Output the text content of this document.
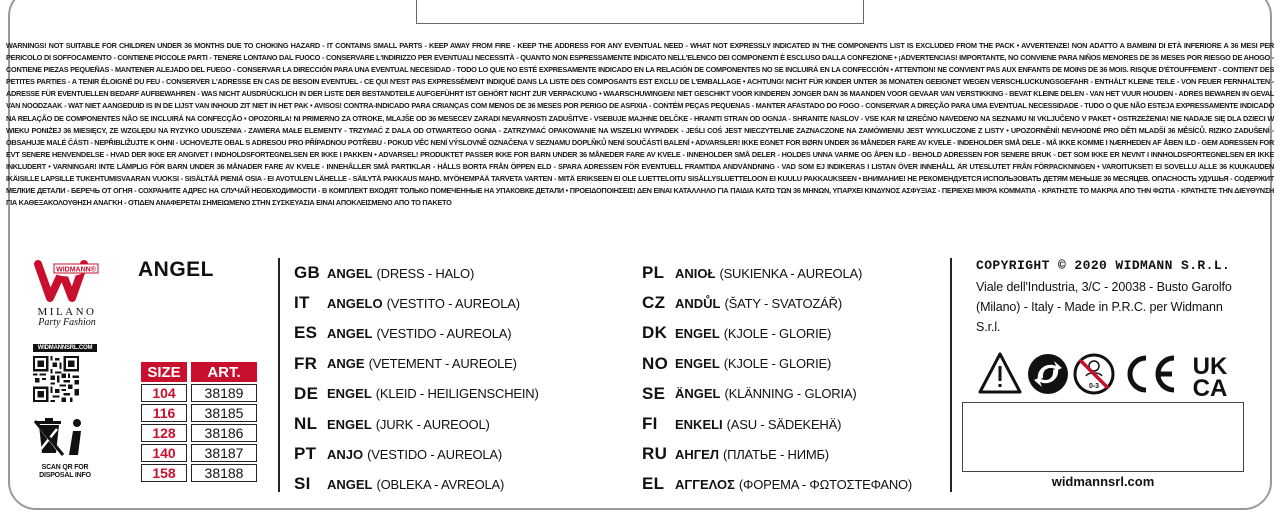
WARNINGS! NOT SUITABLE FOR CHILDREN UNDER 36 MONTHS DUE TO CHOKING HAZARD - IT CONTAINS SMALL PARTS - KEEP AWAY FROM FIRE - KEEP THE ADDRESS FOR ANY EVENTUAL NEED - WHAT NOT EXPRESSLY INDICATED IN THE COMPONENTS LIST IS EXCLUDED FROM THE PACK • AVVERTENZE! NON ADATTO A BAMBINI DI ETÀ INFERIORE A 36 MESI PER PERICOLO DI SOFFOCAMENTO - CONTIENE PICCOLE PARTI - TENERE LONTANO DAL FUOCO - CONSERVARE L'INDIRIZZO PER EVENTUALI NECESSITÀ - QUANTO NON ESPRESSAMENTE INDICATO NELL'ELENCO DEI COMPONENTI È ESCLUSO DALLA CONFEZIONE • ¡ADVERTENCIAS! IMPORTANTE, NO CONVIENE PARA NIÑOS MENORES DE 36 MESES POR RIESGO DE AHOGO - CONTIENE PIEZAS PEQUEÑAS - MANTENER ALEJADO DEL FUEGO - CONSERVAR LA DIRECCIÓN PARA UNA EVENTUAL NECESIDAD - TODO LO QUE NO ESTÉ EXPRESAMENTE INDICADO EN LA RELACIÓN DE COMPONENTES NO SE INCLUIRÁ EN LA CONFECCIÓN • ATTENTION! NE CONVIENT PAS AUX ENFANTS DE MOINS DE 36 MOIS. RISQUE D'ÉTOUFFEMENT - CONTIENT DES PETITES PARTIES - A TENIR ÉLOIGNÉ DU FEU - CONSERVER L'ADRESSE EN CAS DE BESOIN EVENTUEL - CE QUI N'EST PAS EXPRESSÉMENT INDIQUÉ DANS LA LISTE DES COMPOSANTS EST EXCLU DE L'EMBALLAGE • ACHTUNG! NICHT FÜR KINDER UNTER 36 MONATEN GEEIGNET WEGEN VERSCHLUCKUNGSGEFAHR - ENTHÄLT KLEINE TEILE - VON FEUER FERNHALTEN - ADRESSE FÜR EVENTUELLEN BEDARF AUFBEWAHREN - WAS NICHT AUSDRÜCKLICH IN DER LISTE DER BESTANDTEILE AUFGEFÜHRT IST GEHÖRT NICHT ZUR VERPACKUNG • WAARSCHUWINGEN! NIET GESCHIKT VOOR KINDEREN JONGER DAN 36 MAANDEN VOOR GEVAAR VAN VERSTIKKING - BEVAT KLEINE DELEN - VAN HET VUUR HOUDEN - ADRES BEWAREN IN GEVAL VAN NOODZAAK - WAT NIET AANGEDUID IS IN DE LIJST VAN INHOUD ZIT NIET IN HET PAK • AVISOS! CONTRA-INDICADO PARA CRIANÇAS COM MENOS DE 36 MESES POR PERIGO DE ASFIXIA - CONTÉM PEÇAS PEQUENAS - MANTER AFASTADO DO FOGO - CONSERVAR A DIREÇÃO PARA UMA EVENTUAL NECESSIDADE - TUDO O QUE NÃO ESTEJA EXPRESSAMENTE INDICADO NA RELAÇÃO DE COMPONENTES NÃO SE INCLUIRÁ NA CONFECÇÃO • OPOZORILA! NI PRIMERNO ZA OTROKE, MLAJŠE OD 36 MESECEV ZARADI NEVARNOSTI ZADUŠITVE - VSEBUJE MAJHNE DELČKE - HRANITI STRAN OD OGNJA - SHRANITE NASLOV - VSE KAR NI IZREČNO NAVEDENO NA SEZNAMU NI VKLJUČENO V PAKET • OSTRZEŻENIA! NIE NADAJE SIĘ DLA DZIECI W WIEKU PONIŻEJ 36 MIESIĘCY, ZE WZGLĘDU NA RYZYKO UDUSZENIA - ZAWIERA MAŁE ELEMENTY - TRZYMAĆ Z DALA OD OTWARTEGO OGNIA - ZATRZYMAĆ OPAKOWANIE NA WSZELKI WYPADEK - JEŚLI COŚ JEST NIECZYTELNIE ZAZNACZONE NA ZAMÓWIENIU JEST WYKLUCZONE Z LISTY • UPOZORNĚNÍ! NEVHODNÉ PRO DĚTI MLADŠÍ 36 MĚSÍCŮ. RIZIKO ZADUŠENÍ - OBSAHUJE MALÉ ČÁSTI - NEPŘIBLIŽUJTE K OHNI - UCHOVEJTE OBAL S ADRESOU PRO PŘÍPADNOU POTŘEBU - POKUD VĚC NENÍ VÝSLOVNĚ OZNAČENA V SEZNAMU DOPLŇKŮ NENÍ SOUČÁSTÍ BALENÍ • ADVARSLER! IKKE EGNET FOR BØRN UNDER 36 MÅNEDER FARE AV KVELE - INDEHOLDER SMÅ DELE - MÅ IKKE KOMME I NÆRHEDEN AF ÅBEN ILD - GEM ADRESSEN FOR EVT SENERE HENVENDELSE - HVAD DER IKKE ER ANGIVET I INDHOLDSFORTEGNELSEN ER IKKE I PAKKEN • ADVARSEL! PRODUKTET PASSER IKKE FOR BARN UNDER 36 MÅNEDER FARE AV KVELE - INNEHOLDER SMÅ DELER - HOLDES UNNA VARME OG ÅPEN ILD - BEHOLD ADRESSEN FOR SENERE BRUK - DET SOM IKKE ER NEVNT I INNHOLDSFORTEGNELSEN ER IKKE INKLUDERT • VARNINGAR! INTE LÄMPLIG FÖR BARN UNDER 36 MÅNADER FARE AV KVELE - INNEHÅLLER SMÅ PARTIKLAR - HÅLLS BORTA FRÅN ÖPPEN ELD - SPARA ADRESSEN FÖR EVENTUELL FRAMTIDA ANDVÄNDNING - VAD SOM EJ INDIKERAS I LISTAN ÖVER INNEHÅLL ÄR UTESLUTET FRÅN FÖRPACKNINGEN • VAROITUKSET! EI SOVELLU ALLE 36 KUUKAUDEN IKÄISILLE LAPSILLE TUKEHTUMISVAARAN VUOKSI - SISÄLTÄÄ PIENIÄ OSIA - EI AVOTULEN LÄHELLE - SÄILYTÄ PAKKAUS MAHD. MYÖHEMPÄÄ TARVETA VARTEN - MITÄ ERIKSEEN EI OLE LUETTELOITU SISÄLLYSLUETTELOON EI KUULU PAKKAUKSEEN • ВНИМАНИЕ! НЕ РЕКОМЕНДУЕТСЯ ИСПОЛЬЗОВАТЬ ДЕТЯМ МЕНЬШЕ 36 МЕСЯЦЕВ. ОПАСНОСТЬ УДУШЬЯ - СОДЕРЖИТ МЕЛКИЕ ДЕТАЛИ - БЕРЕЧЬ ОТ ОГНЯ - СОХРАНИТЕ АДРЕС НА СЛУЧАЙ НЕОБХОДИМОСТИ - В КОМПЛЕКТ ВХОДЯТ ТОЛЬКО ПОМЕЧЕННЫЕ НА УПАКОВКЕ ДЕТАЛИ • ΠΡΟΕΙΔΟΠΟΙΗΣΕΙΣ! ΔΕΝ ΕΙΝΑΙ ΚΑΤΑΛΛΗΛΟ ΓΙΑ ΠΑΙΔΙΑ ΚΑΤΩ ΤΩΝ 36 ΜΗΝΩΝ, ΥΠΑΡΧΕΙ ΚΙΝΔΥΝΟΣ ΑΣΦΥΞΙΑΣ - ΠΕΡΙΕΧΕΙ ΜΙΚΡΑ ΚΟΜΜΑΤΙΑ - ΚΡΑΤΗΣΤΕ ΤΟ ΜΑΚΡΙΑ ΑΠΟ ΤΗΝ ΦΩΤΙΑ - ΚΡΑΤΗΣΤΕ ΤΗΝ ΔΙΕΥΘΥΝΣΗ ΓΙΑ ΚΑΘΕΞΑΚΟΛΟΥΘΗΣΗ ΑΝΑΓΚΗ - ΟΤΙΔΕΝ ΑΝΑΦΕΡΕΤΑΙ ΣΗΜΕΙΩΜΕΝΟ ΣΤΗΝ ΣΥΣΚΕΥΑΣΙΑ ΕΙΝΑΙ ΑΠΟΚΛΕΙΣΜΕΝΟ ΑΠΟ ΤΟ ΠΑΚΕΤΟ

WIDMANN®
MILANO
Party Fashion
WIDMANNSRL.COM

SCAN QR FOR
DISPOSAL INFO
ANGEL
SIZE	ART.
104	38189
116	38185
128	38186
140	38187
158	38188
GB ANGEL (DRESS - HALO)
IT	ANGELO (VESTITO - AUREOLA)
ES ANGEL (VESTIDO - AUREOLA)
FR ANGE (VETEMENT - AUREOLE)
DE ENGEL (KLEID - HEILIGENSCHEIN)
NL ENGEL (JURK - AUREOOL)
PT ANJO (VESTIDO - AUREOLA)
SI	ANGEL (OBLEKA - AVREOLA)
PL ANIOŁ (SUKIENKA - AUREOLA)
CZ ANDŮL (ŠATY - SVATOZÁŘ)
DK ENGEL (KJOLE - GLORIE)
NO ENGEL (KJOLE - GLORIE)
SE ÄNGEL (KLÄNNING - GLORIA)
FI	ENKELI (ASU - SÄDEKEHÄ)
RU АНГЕЛ (ПЛАТЬЕ - НИМБ)
EL ΑΓΓΕΛΟΣ (ΦΟΡΕΜΑ - ΦΩΤΟΣΤΕΦΑΝΟ)
COPYRIGHT © 2020 WIDMANN S.R.L.
Viale dell'Industria, 3/C - 20038 - Busto Garolfo
(Milano) - Italy - Made in P.R.C. per Widmann S.r.l.
0-3
UK
CA
widmannsrl.com
